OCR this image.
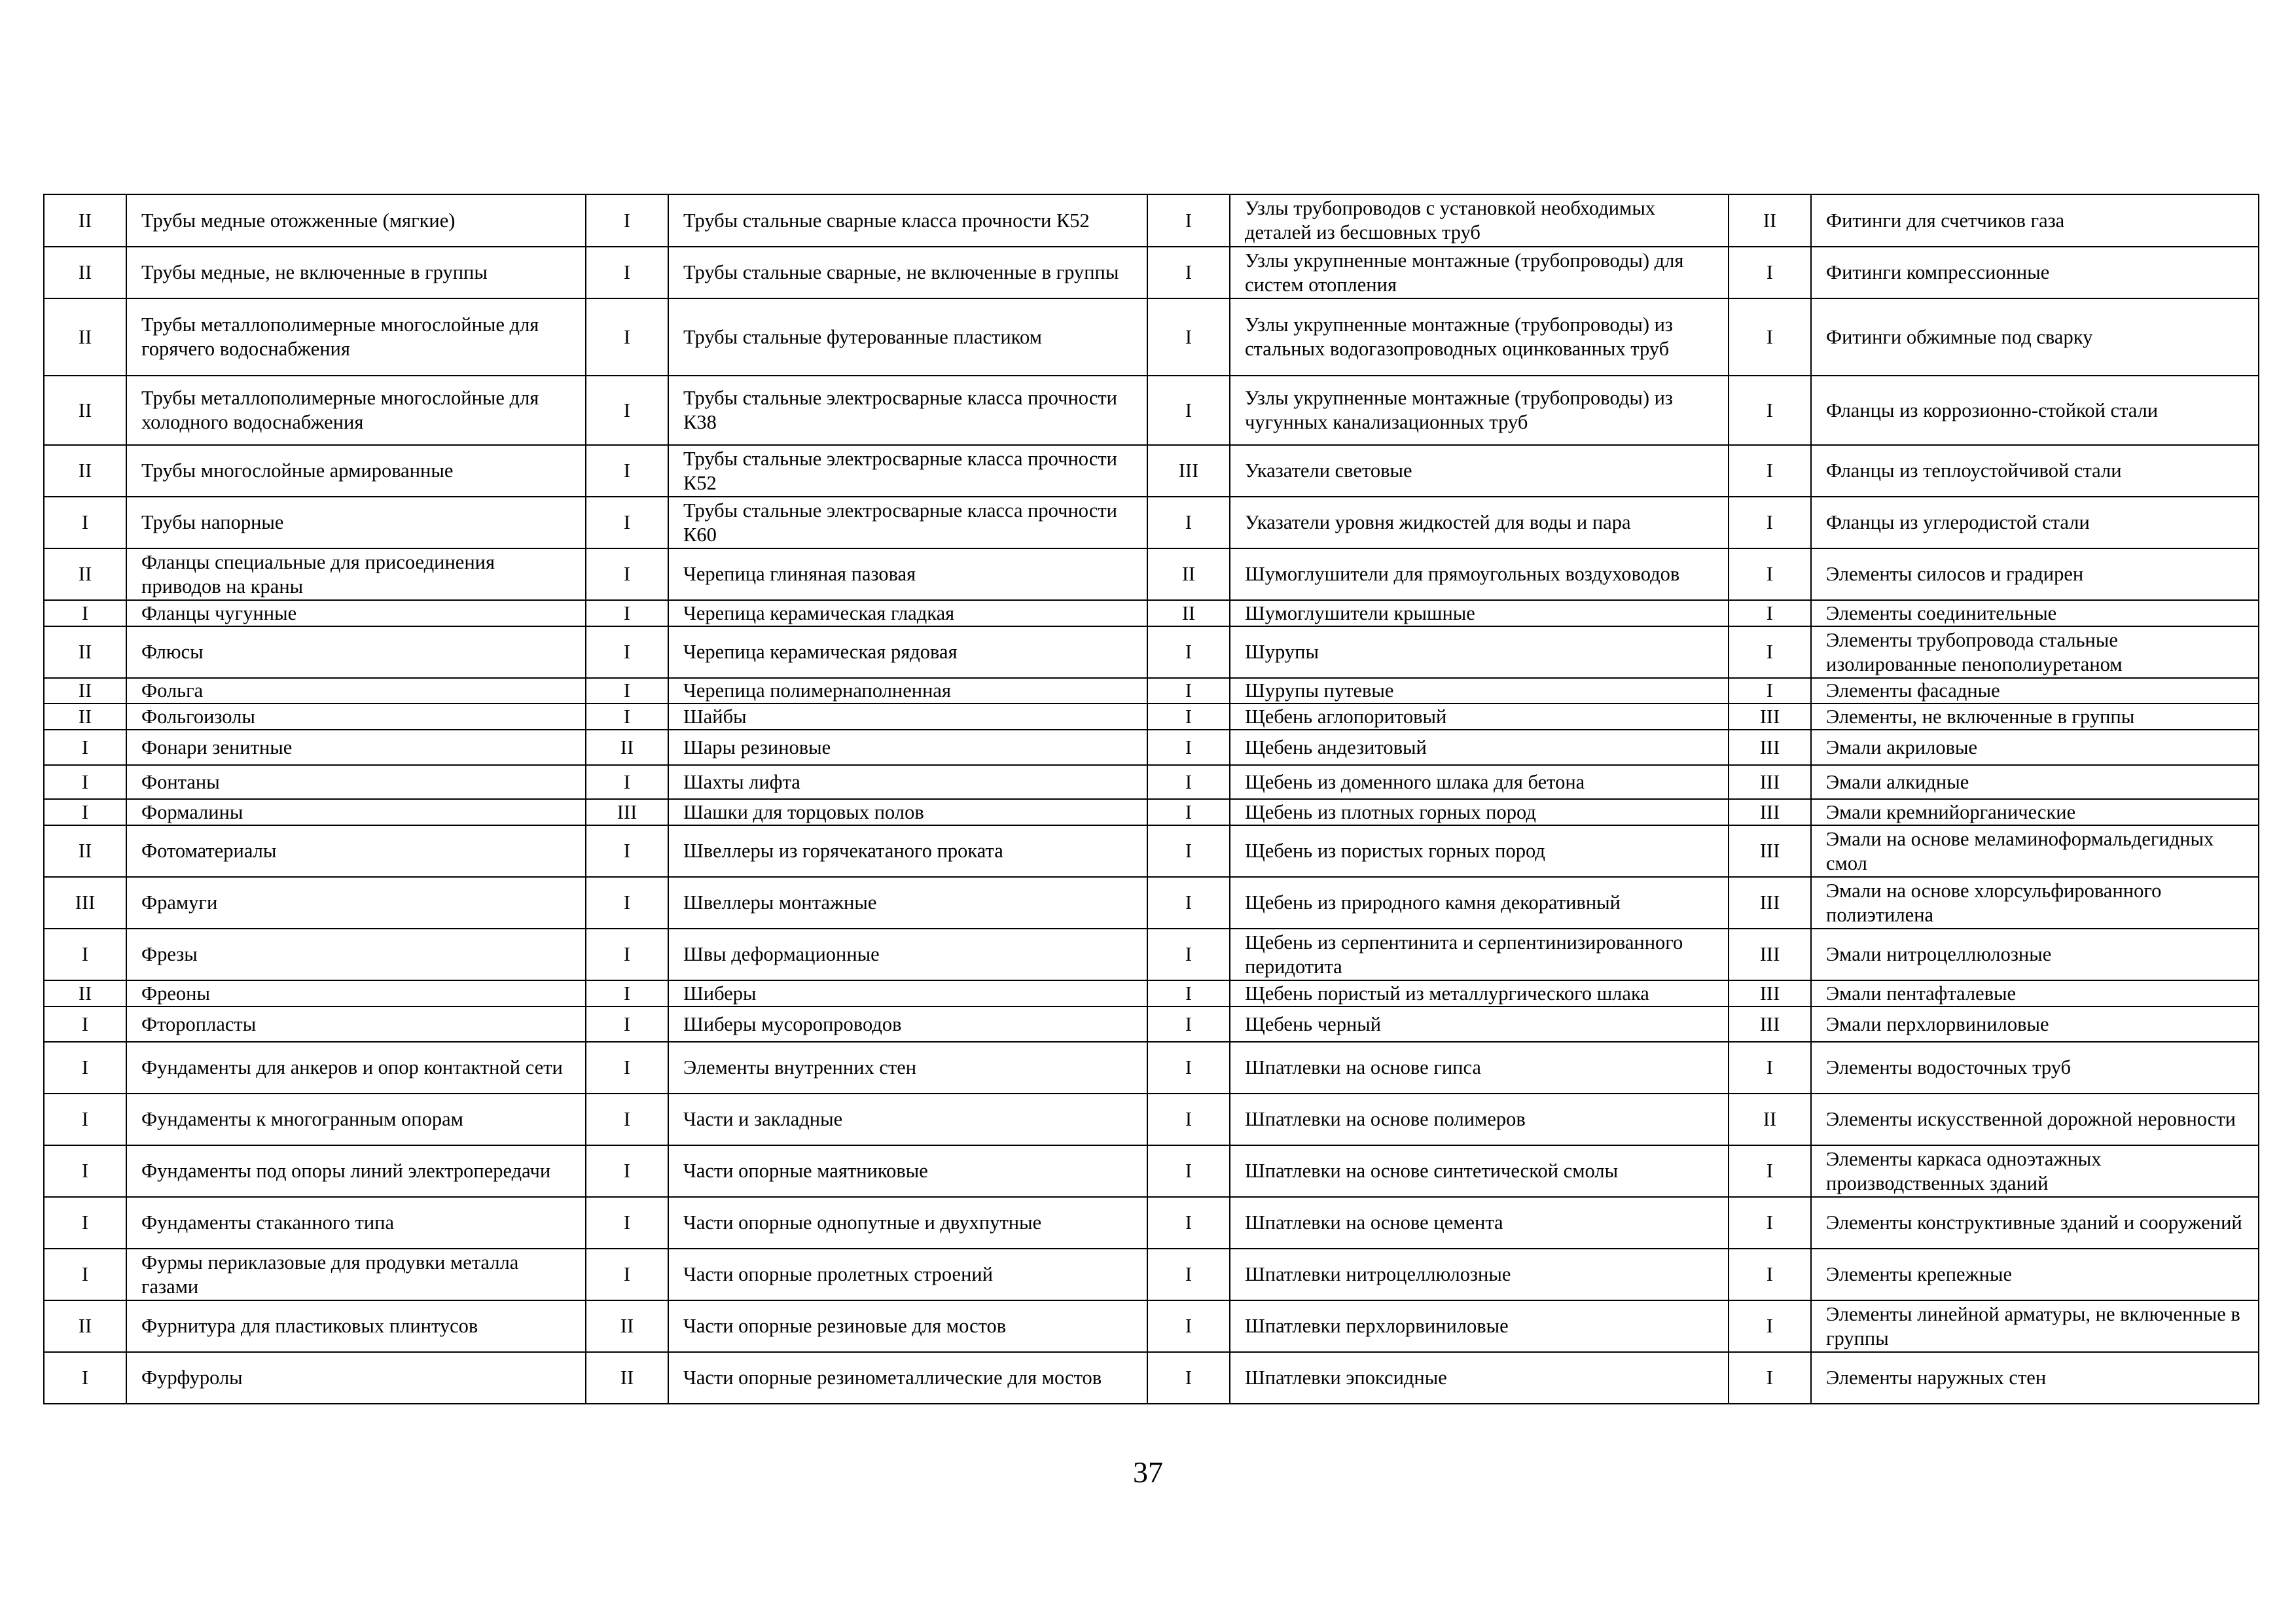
II	Трубы медные отожженные (мягкие)	I	Трубы стальные сварные класса прочности К52	I	Узлы трубопроводов с установкой необходимых деталей из бесшовных труб	II	Фитинги для счетчиков газа
II	Трубы медные, не включенные в группы	I	Трубы стальные сварные, не включенные в группы	I	Узлы укрупненные монтажные (трубопроводы) для систем отопления	I	Фитинги компрессионные
II	Трубы металлополимерные многослойные для горячего водоснабжения	I	Трубы стальные футерованные пластиком	I	Узлы укрупненные монтажные (трубопроводы) из стальных водогазопроводных оцинкованных труб	I	Фитинги обжимные под сварку
II	Трубы металлополимерные многослойные для холодного водоснабжения	I	Трубы стальные электросварные класса прочности К38	I	Узлы укрупненные монтажные (трубопроводы) из чугунных канализационных труб	I	Фланцы из коррозионно-стойкой стали
II	Трубы многослойные армированные	I	Трубы стальные электросварные класса прочности К52	III	Указатели световые	I	Фланцы из теплоустойчивой стали
I	Трубы напорные	I	Трубы стальные электросварные класса прочности К60	I	Указатели уровня жидкостей для воды и пара	I	Фланцы из углеродистой стали
II	Фланцы специальные для присоединения приводов на краны	I	Черепица глиняная пазовая	II	Шумоглушители для прямоугольных воздуховодов	I	Элементы силосов и градирен
I	Фланцы чугунные	I	Черепица керамическая гладкая	II	Шумоглушители крышные	I	Элементы соединительные
II	Флюсы	I	Черепица керамическая рядовая	I	Шурупы	I	Элементы трубопровода стальные изолированные пенополиуретаном
II	Фольга	I	Черепица полимернаполненная	I	Шурупы путевые	I	Элементы фасадные
II	Фольгоизолы	I	Шайбы	I	Щебень аглопоритовый	III	Элементы, не включенные в группы
I	Фонари зенитные	II	Шары резиновые	I	Щебень андезитовый	III	Эмали акриловые
I	Фонтаны	I	Шахты лифта	I	Щебень из доменного шлака для бетона	III	Эмали алкидные
I	Формалины	III	Шашки для торцовых полов	I	Щебень из плотных горных пород	III	Эмали кремнийорганические
II	Фотоматериалы	I	Швеллеры из горячекатаного проката	I	Щебень из пористых горных пород	III	Эмали на основе меламиноформальдегидных смол
III	Фрамуги	I	Швеллеры монтажные	I	Щебень из природного камня декоративный	III	Эмали на основе хлорсульфированного полиэтилена
I	Фрезы	I	Швы деформационные	I	Щебень из серпентинита и серпентинизированного перидотита	III	Эмали нитроцеллюлозные
II	Фреоны	I	Шиберы	I	Щебень пористый из металлургического шлака	III	Эмали пентафталевые
I	Фторопласты	I	Шиберы мусоропроводов	I	Щебень черный	III	Эмали перхлорвиниловые
I	Фундаменты для анкеров и опор контактной сети	I	Элементы внутренних стен	I	Шпатлевки на основе гипса	I	Элементы водосточных труб
I	Фундаменты к многогранным опорам	I	Части и закладные	I	Шпатлевки на основе полимеров	II	Элементы искусственной дорожной неровности
I	Фундаменты под опоры линий электропередачи	I	Части опорные маятниковые	I	Шпатлевки на основе синтетической смолы	I	Элементы каркаса одноэтажных производственных зданий
I	Фундаменты стаканного типа	I	Части опорные однопутные и двухпутные	I	Шпатлевки на основе цемента	I	Элементы конструктивные зданий и сооружений
I	Фурмы периклазовые для продувки металла газами	I	Части опорные пролетных строений	I	Шпатлевки нитроцеллюлозные	I	Элементы крепежные
II	Фурнитура для пластиковых плинтусов	II	Части опорные резиновые для мостов	I	Шпатлевки перхлорвиниловые	I	Элементы линейной арматуры, не включенные в группы
I	Фурфуролы	II	Части опорные резинометаллические для мостов	I	Шпатлевки эпоксидные	I	Элементы наружных стен
37
